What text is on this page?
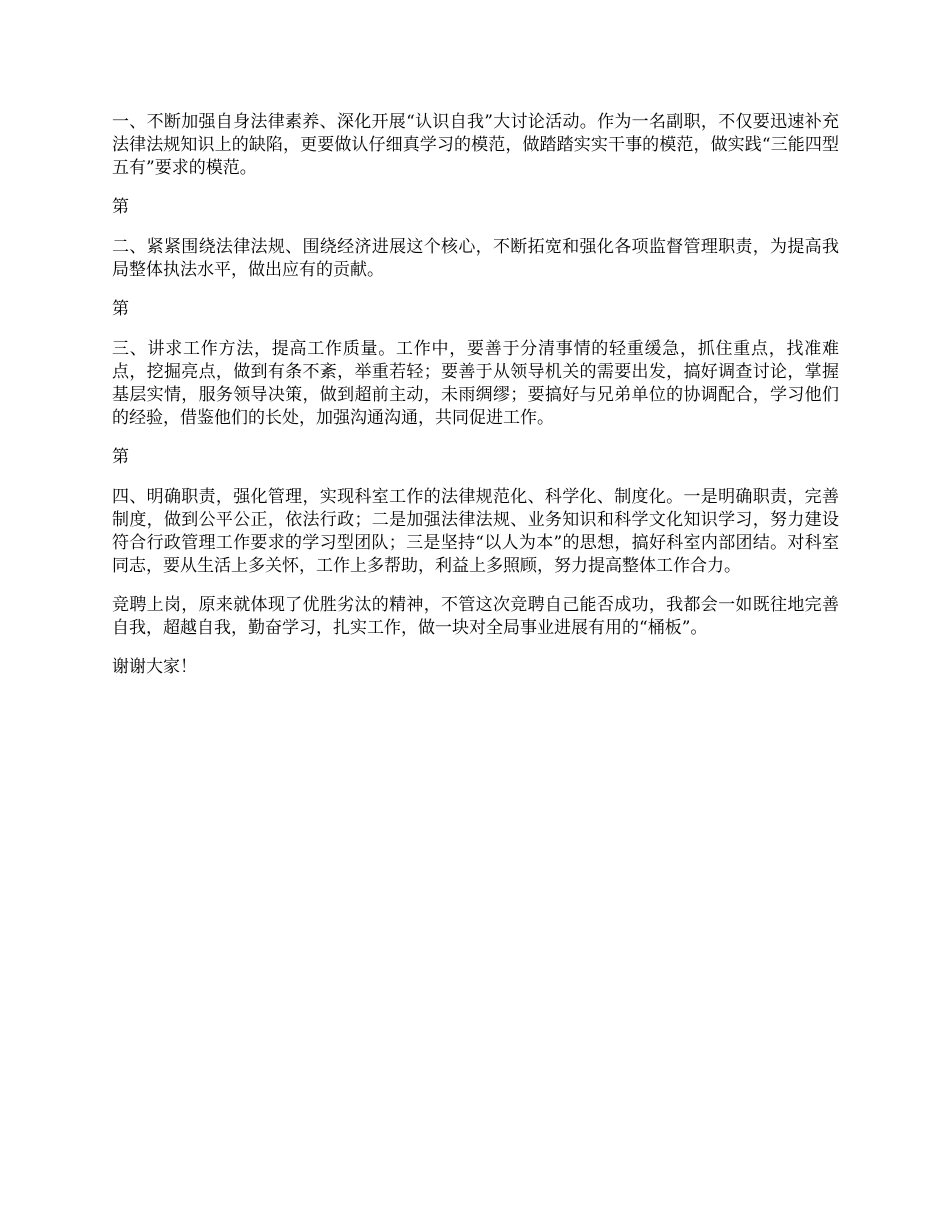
一、不断加强自身法律素养、深化开展“认识自我”大讨论活动。作为一名副职，不仅要迅速补充法律法规知识上的缺陷，更要做认仔细真学习的模范，做踏踏实实干事的模范，做实践“三能四型五有”要求的模范。

第

二、紧紧围绕法律法规、围绕经济进展这个核心，不断拓宽和强化各项监督管理职责，为提高我局整体执法水平，做出应有的贡献。

第

三、讲求工作方法，提高工作质量。工作中，要善于分清事情的轻重缓急，抓住重点，找准难点，挖掘亮点，做到有条不紊，举重若轻；要善于从领导机关的需要出发，搞好调查讨论，掌握基层实情，服务领导决策，做到超前主动，未雨绸缪；要搞好与兄弟单位的协调配合，学习他们的经验，借鉴他们的长处，加强沟通沟通，共同促进工作。

第

四、明确职责，强化管理，实现科室工作的法律规范化、科学化、制度化。一是明确职责，完善制度，做到公平公正，依法行政；二是加强法律法规、业务知识和科学文化知识学习，努力建设符合行政管理工作要求的学习型团队；三是坚持“以人为本”的思想，搞好科室内部团结。对科室同志，要从生活上多关怀，工作上多帮助，利益上多照顾，努力提高整体工作合力。

竞聘上岗，原来就体现了优胜劣汰的精神，不管这次竞聘自己能否成功，我都会一如既往地完善自我，超越自我，勤奋学习，扎实工作，做一块对全局事业进展有用的“桶板”。

谢谢大家！
